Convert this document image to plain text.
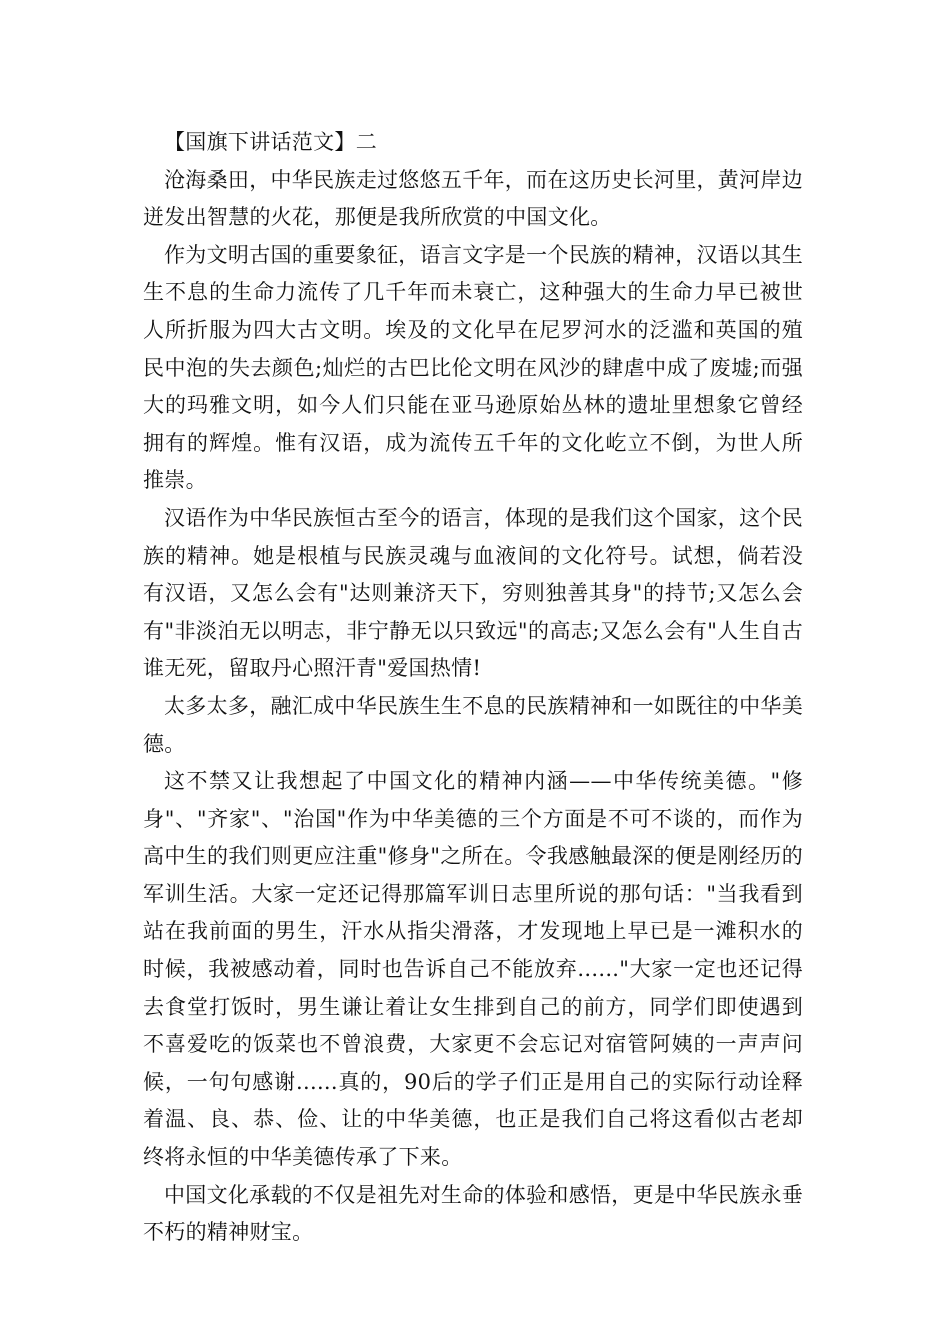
【国旗下讲话范文】二

沧海桑田，中华民族走过悠悠五千年，而在这历史长河里，黄河岸边迸发出智慧的火花，那便是我所欣赏的中国文化。

作为文明古国的重要象征，语言文字是一个民族的精神，汉语以其生生不息的生命力流传了几千年而未衰亡，这种强大的生命力早已被世人所折服为四大古文明。埃及的文化早在尼罗河水的泛滥和英国的殖民中泡的失去颜色;灿烂的古巴比伦文明在风沙的肆虐中成了废墟;而强大的玛雅文明，如今人们只能在亚马逊原始丛林的遗址里想象它曾经拥有的辉煌。惟有汉语，成为流传五千年的文化屹立不倒，为世人所推崇。

汉语作为中华民族恒古至今的语言，体现的是我们这个国家，这个民族的精神。她是根植与民族灵魂与血液间的文化符号。试想，倘若没有汉语，又怎么会有"达则兼济天下，穷则独善其身"的持节;又怎么会有"非淡泊无以明志，非宁静无以只致远"的高志;又怎么会有"人生自古谁无死，留取丹心照汗青"爱国热情!

太多太多，融汇成中华民族生生不息的民族精神和一如既往的中华美德。

这不禁又让我想起了中国文化的精神内涵——中华传统美德。"修身"、"齐家"、"治国"作为中华美德的三个方面是不可不谈的，而作为高中生的我们则更应注重"修身"之所在。令我感触最深的便是刚经历的军训生活。大家一定还记得那篇军训日志里所说的那句话："当我看到站在我前面的男生，汗水从指尖滑落，才发现地上早已是一滩积水的时候，我被感动着，同时也告诉自己不能放弃......"大家一定也还记得去食堂打饭时，男生谦让着让女生排到自己的前方，同学们即使遇到不喜爱吃的饭菜也不曾浪费，大家更不会忘记对宿管阿姨的一声声问候，一句句感谢......真的，90后的学子们正是用自己的实际行动诠释着温、良、恭、俭、让的中华美德，也正是我们自己将这看似古老却终将永恒的中华美德传承了下来。

中国文化承载的不仅是祖先对生命的体验和感悟，更是中华民族永垂不朽的精神财宝。
